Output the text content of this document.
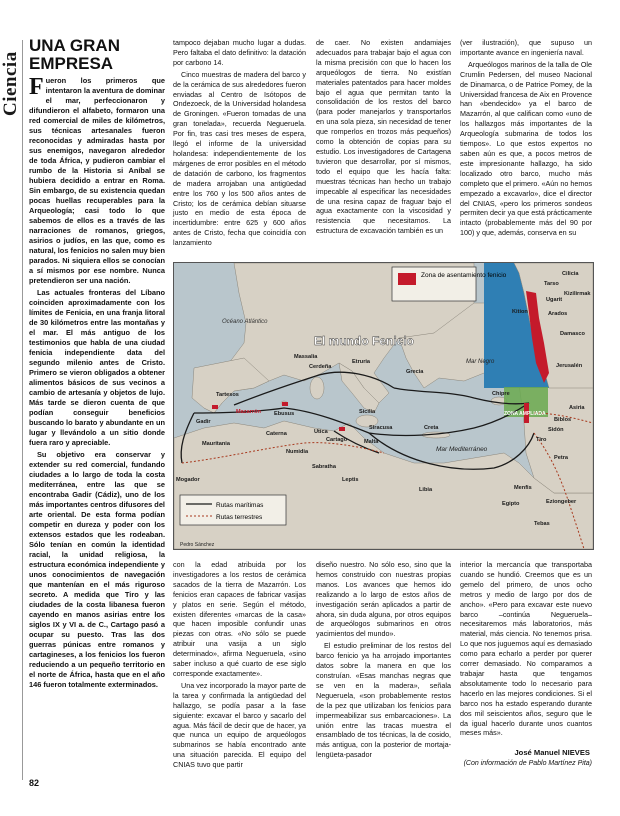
Ciencia
UNA GRAN EMPRESA

Fueron los primeros que intentaron la aventura de dominar el mar, perfeccionaron y difundieron el alfabeto, formaron una red comercial de miles de kilómetros, sus técnicas artesanales fueron reconocidas y admiradas hasta por sus enemigos, navegaron alrededor de toda África, y pudieron cambiar el rumbo de la Historia si Aníbal se hubiera decidido a entrar en Roma. Sin embargo, de su existencia quedan pocas huellas recuperables para la Arqueología; casi todo lo que sabemos de ellos es a través de las narraciones de romanos, griegos, asirios o judíos, en las que, como es natural, los fenicios no salen muy bien parados. Ni siquiera ellos se conocían a sí mismos por ese nombre. Nunca pretendieron ser una nación.

Las actuales fronteras del Líbano coinciden aproximadamente con los límites de Fenicia, en una franja litoral de 30 kilómetros entre las montañas y el mar. El más antiguo de los testimonios que habla de una ciudad fenicia independiente data del segundo milenio antes de Cristo. Primero se vieron obligados a obtener alimentos básicos de sus vecinos a cambio de artesanía y objetos de lujo. Más tarde se dieron cuenta de que podían conseguir beneficios buscando lo barato y abundante en un lugar y llevándolo a un sitio donde fuera raro y apreciable.

Su objetivo era conservar y extender su red comercial, fundando ciudades a lo largo de toda la costa mediterránea, entre las que se encontraba Gadir (Cádiz), uno de los más importantes centros difusores del arte oriental. De esta forma podían competir en dureza y poder con los extensos estados que les rodeaban. Sólo tenían en común la identidad racial, la unidad religiosa, la estructura económica independiente y unos conocimientos de navegación que mantenían en el más riguroso secreto. A medida que Tiro y las ciudades de la costa libanesa fueron cayendo en manos asirias entre los siglos IX y VI a. de C., Cartago pasó a ocupar su puesto. Tras las dos guerras púnicas entre romanos y cartagineses, a los fenicios los fueron reduciendo a un pequeño territorio en el norte de África, hasta que en el año 146 fueron totalmente exterminados.

tampoco dejaban mucho lugar a dudas. Pero faltaba el dato definitivo: la datación por carbono 14.

Cinco muestras de madera del barco y de la cerámica de sus alrededores fueron enviadas al Centro de Isótopos de Ondezoeck, de la Universidad holandesa de Groningen. «Fueron tomadas de una gran tonelada», recuerda Negueruela. Por fin, tras casi tres meses de espera, llegó el informe de la universidad holandesa: independientemente de los márgenes de error posibles en el método de datación de carbono, los fragmentos de madera arrojaban una antigüedad entre los 760 y los 500 años antes de Cristo; los de cerámica debían situarse justo en medio de esta época de incertidumbre: entre 625 y 600 años antes de Cristo, fecha que coincidía con lanzamiento

de caer. No existen andamiajes adecuados para trabajar bajo el agua con la misma precisión con que lo hacen los arqueólogos de tierra. No existían materiales patentados para hacer moldes bajo el agua que permitan tanto la consolidación de los restos del barco (para poder manejarlos y transportarlos en una sola pieza, sin necesidad de tener que romperlos en trozos más pequeños) como la obtención de copias para su estudio. Los investigadores de Cartagena tuvieron que desarrollar, por sí mismos, todo el equipo que les hacía falta: muestras técnicas han hecho un trabajo impecable al especificar las necesidades de una resina capaz de fraguar bajo el agua exactamente con la viscosidad y resistencia que necesitamos. La estructura de excavación también es un

(ver ilustración), que supuso un importante avance en ingeniería naval.

Arqueólogos marinos de la talla de Ole Crumlin Pedersen, del museo Nacional de Dinamarca, o de Patrice Pomey, de la Universidad francesa de Aix en Provence han «bendecido» ya el barco de Mazarrón, al que califican como «uno de los hallazgos más importantes de la Arqueología submarina de todos los tiempos». Lo que estos expertos no saben aún es que, a pocos metros de este impresionante hallazgo, ha sido localizado otro barco, mucho más completo que el primero. «Aún no hemos empezado a excavarlo», dice el director del CNIAS, «pero los primeros sondeos permiten decir ya que está prácticamente intacto (probablemente más del 90 por 100) y que, además, conserva en su

Zona de asentamiento fenicio
Rutas marítimas
Rutas terrestres
El mundo Fenicio
ZONA AMPLIADA
Océano Atlántico
Mar Mediterráneo
Mar Negro
Pedro Sánchez
Gadir
Tartesos
Mazarrón Ebusus
Cerdeña
Massalia
Etruria
Mauritania
Caterna	Utica
Cartago
Numidia
Sicilia
Siracusa
Malta
Sabratha
Leptis
Libia
Creta
Chipre
Tiro
Sidón
Biblos
Menfis
Egipto
Tebas
Mogador
Cilicia
Tarso
Kition
Damasco
Jerusalén
Asiria
Petra
Eziongeber
Ugarit
Arados
Kizilirmak
Grecia

con la edad atribuida por los investigadores a los restos de cerámica sacados de la tierra de Mazarrón. Los fenicios eran capaces de fabricar vasijas y platos en serie. Según el método, existen diferentes «marcas de la casa» que hacen imposible confundir unas piezas con otras. «No sólo se puede atribuir una vasija a un siglo determinado», afirma Negueruela, «sino saber incluso a qué cuarto de ese siglo corresponde exactamente».

Una vez incorporado la mayor parte de la tarea y confirmada la antigüedad del hallazgo, se podía pasar a la fase siguiente: excavar el barco y sacarlo del agua. Más fácil de decir que de hacer, ya que nunca un equipo de arqueólogos submarinos se había encontrado ante una situación parecida. El equipo del CNIAS tuvo que partir

diseño nuestro. No sólo eso, sino que la hemos construido con nuestras propias manos. Los avances que hemos ido realizando a lo largo de estos años de investigación serán aplicados a partir de ahora, sin duda alguna, por otros equipos de arqueólogos submarinos en otros yacimientos del mundo».

El estudio preliminar de los restos del barco fenicio ya ha arrojado importantes datos sobre la manera en que los construían. «Esas manchas negras que se ven en la madera», señala Negueruela, «son probablemente restos de la pez que utilizaban los fenicios para impermeabilizar sus embarcaciones». La unión entre las tracas muestra el ensamblado de tos técnicas, la de cosido, más antigua, con la posterior de mortaja-lengüeta-pasador

interior la mercancía que transportaba cuando se hundió. Creemos que es un gemelo del primero, de unos ocho metros y medio de largo por dos de ancho». «Pero para excavar este nuevo barco –continúa Negueruela– necesitaremos más laboratorios, más material, más ciencia. No tenemos prisa. Lo que nos juguemos aquí es demasiado como para echarlo a perder por querer correr demasiado. No comparamos a trabajar hasta que tengamos absolutamente todo lo necesario para hacerlo en las mejores condiciones. Si el barco nos ha estado esperando durante dos mil seiscientos años, seguro que le da igual hacerlo durante unos cuantos meses más».

José Manuel NIEVES
(Con información de Pablo Martínez Pita)
82
